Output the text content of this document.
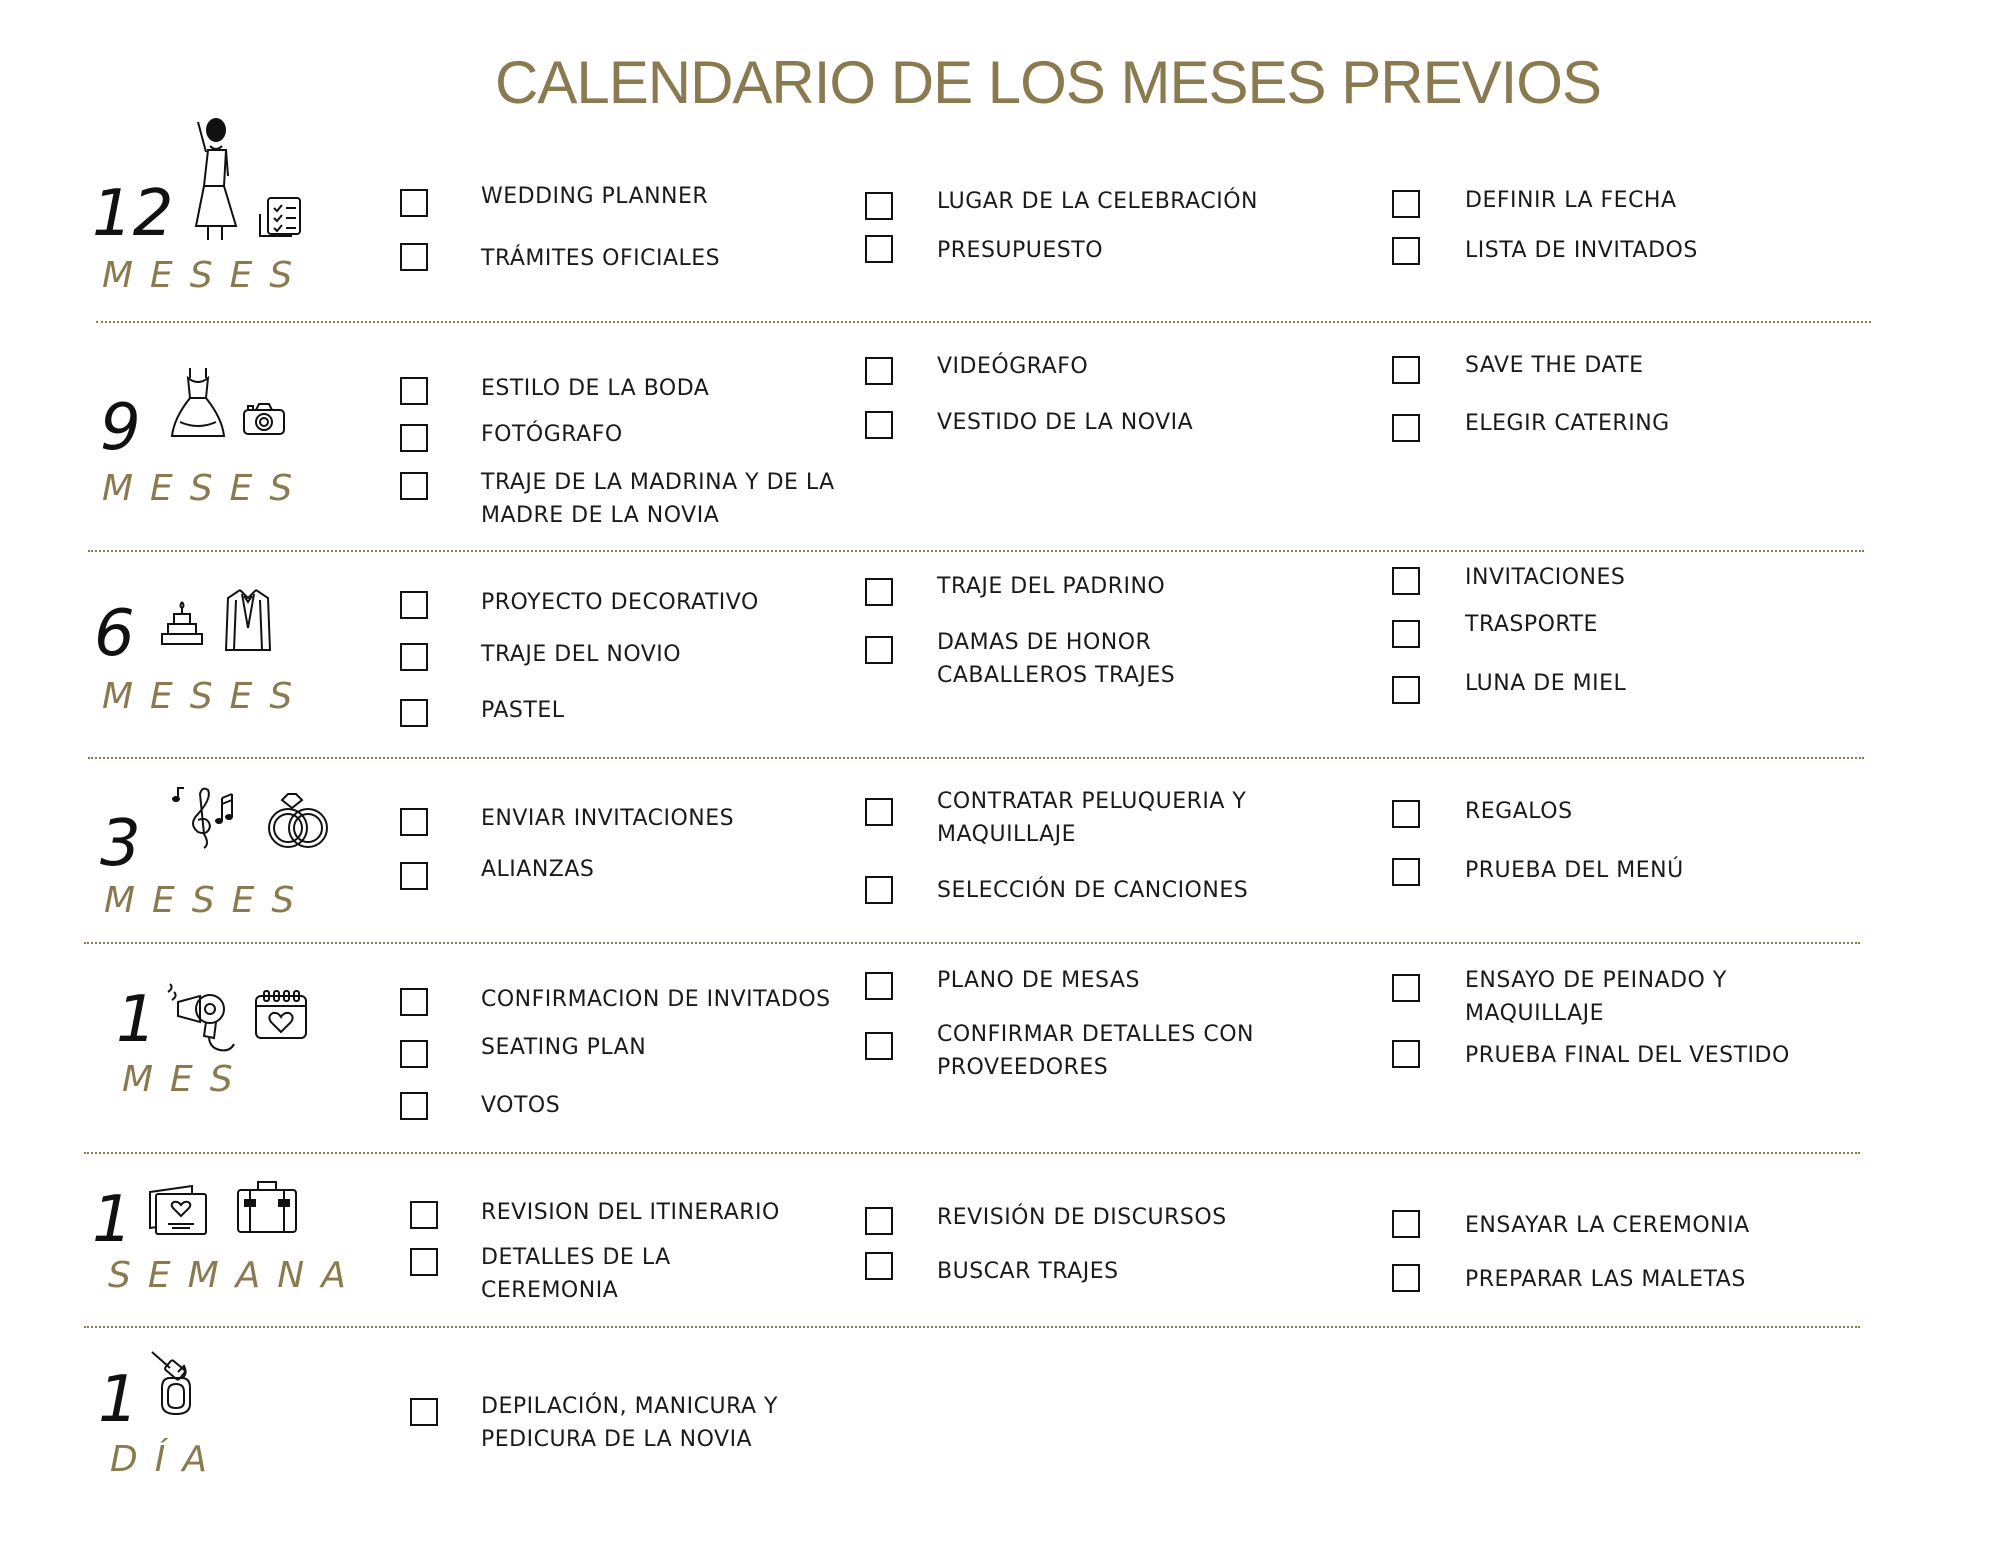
CALENDARIO DE LOS MESES PREVIOS
12
MESES
WEDDING PLANNER
TRÁMITES OFICIALES
LUGAR DE LA CELEBRACIÓN
PRESUPUESTO
DEFINIR LA FECHA
LISTA DE INVITADOS
9
MESES
ESTILO DE LA BODA
FOTÓGRAFO
TRAJE DE LA MADRINA Y DE LA MADRE DE LA NOVIA
VIDEÓGRAFO
VESTIDO DE LA NOVIA
SAVE THE DATE
ELEGIR CATERING
6
MESES
PROYECTO DECORATIVO
TRAJE DEL NOVIO
PASTEL
TRAJE DEL PADRINO
DAMAS DE HONOR CABALLEROS TRAJES
INVITACIONES
TRASPORTE
LUNA DE MIEL
3
MESES
ENVIAR INVITACIONES
ALIANZAS
CONTRATAR PELUQUERIA Y MAQUILLAJE
SELECCIÓN DE CANCIONES
REGALOS
PRUEBA DEL MENÚ
1
MES
CONFIRMACION DE INVITADOS
SEATING PLAN
VOTOS
PLANO DE MESAS
CONFIRMAR DETALLES CON PROVEEDORES
ENSAYO DE PEINADO Y MAQUILLAJE
PRUEBA FINAL DEL VESTIDO
1
SEMANA
REVISION DEL ITINERARIO
DETALLES DE LA CEREMONIA
REVISIÓN DE DISCURSOS
BUSCAR TRAJES
ENSAYAR LA CEREMONIA
PREPARAR LAS MALETAS
1
DÍA
DEPILACIÓN, MANICURA Y PEDICURA DE LA NOVIA
